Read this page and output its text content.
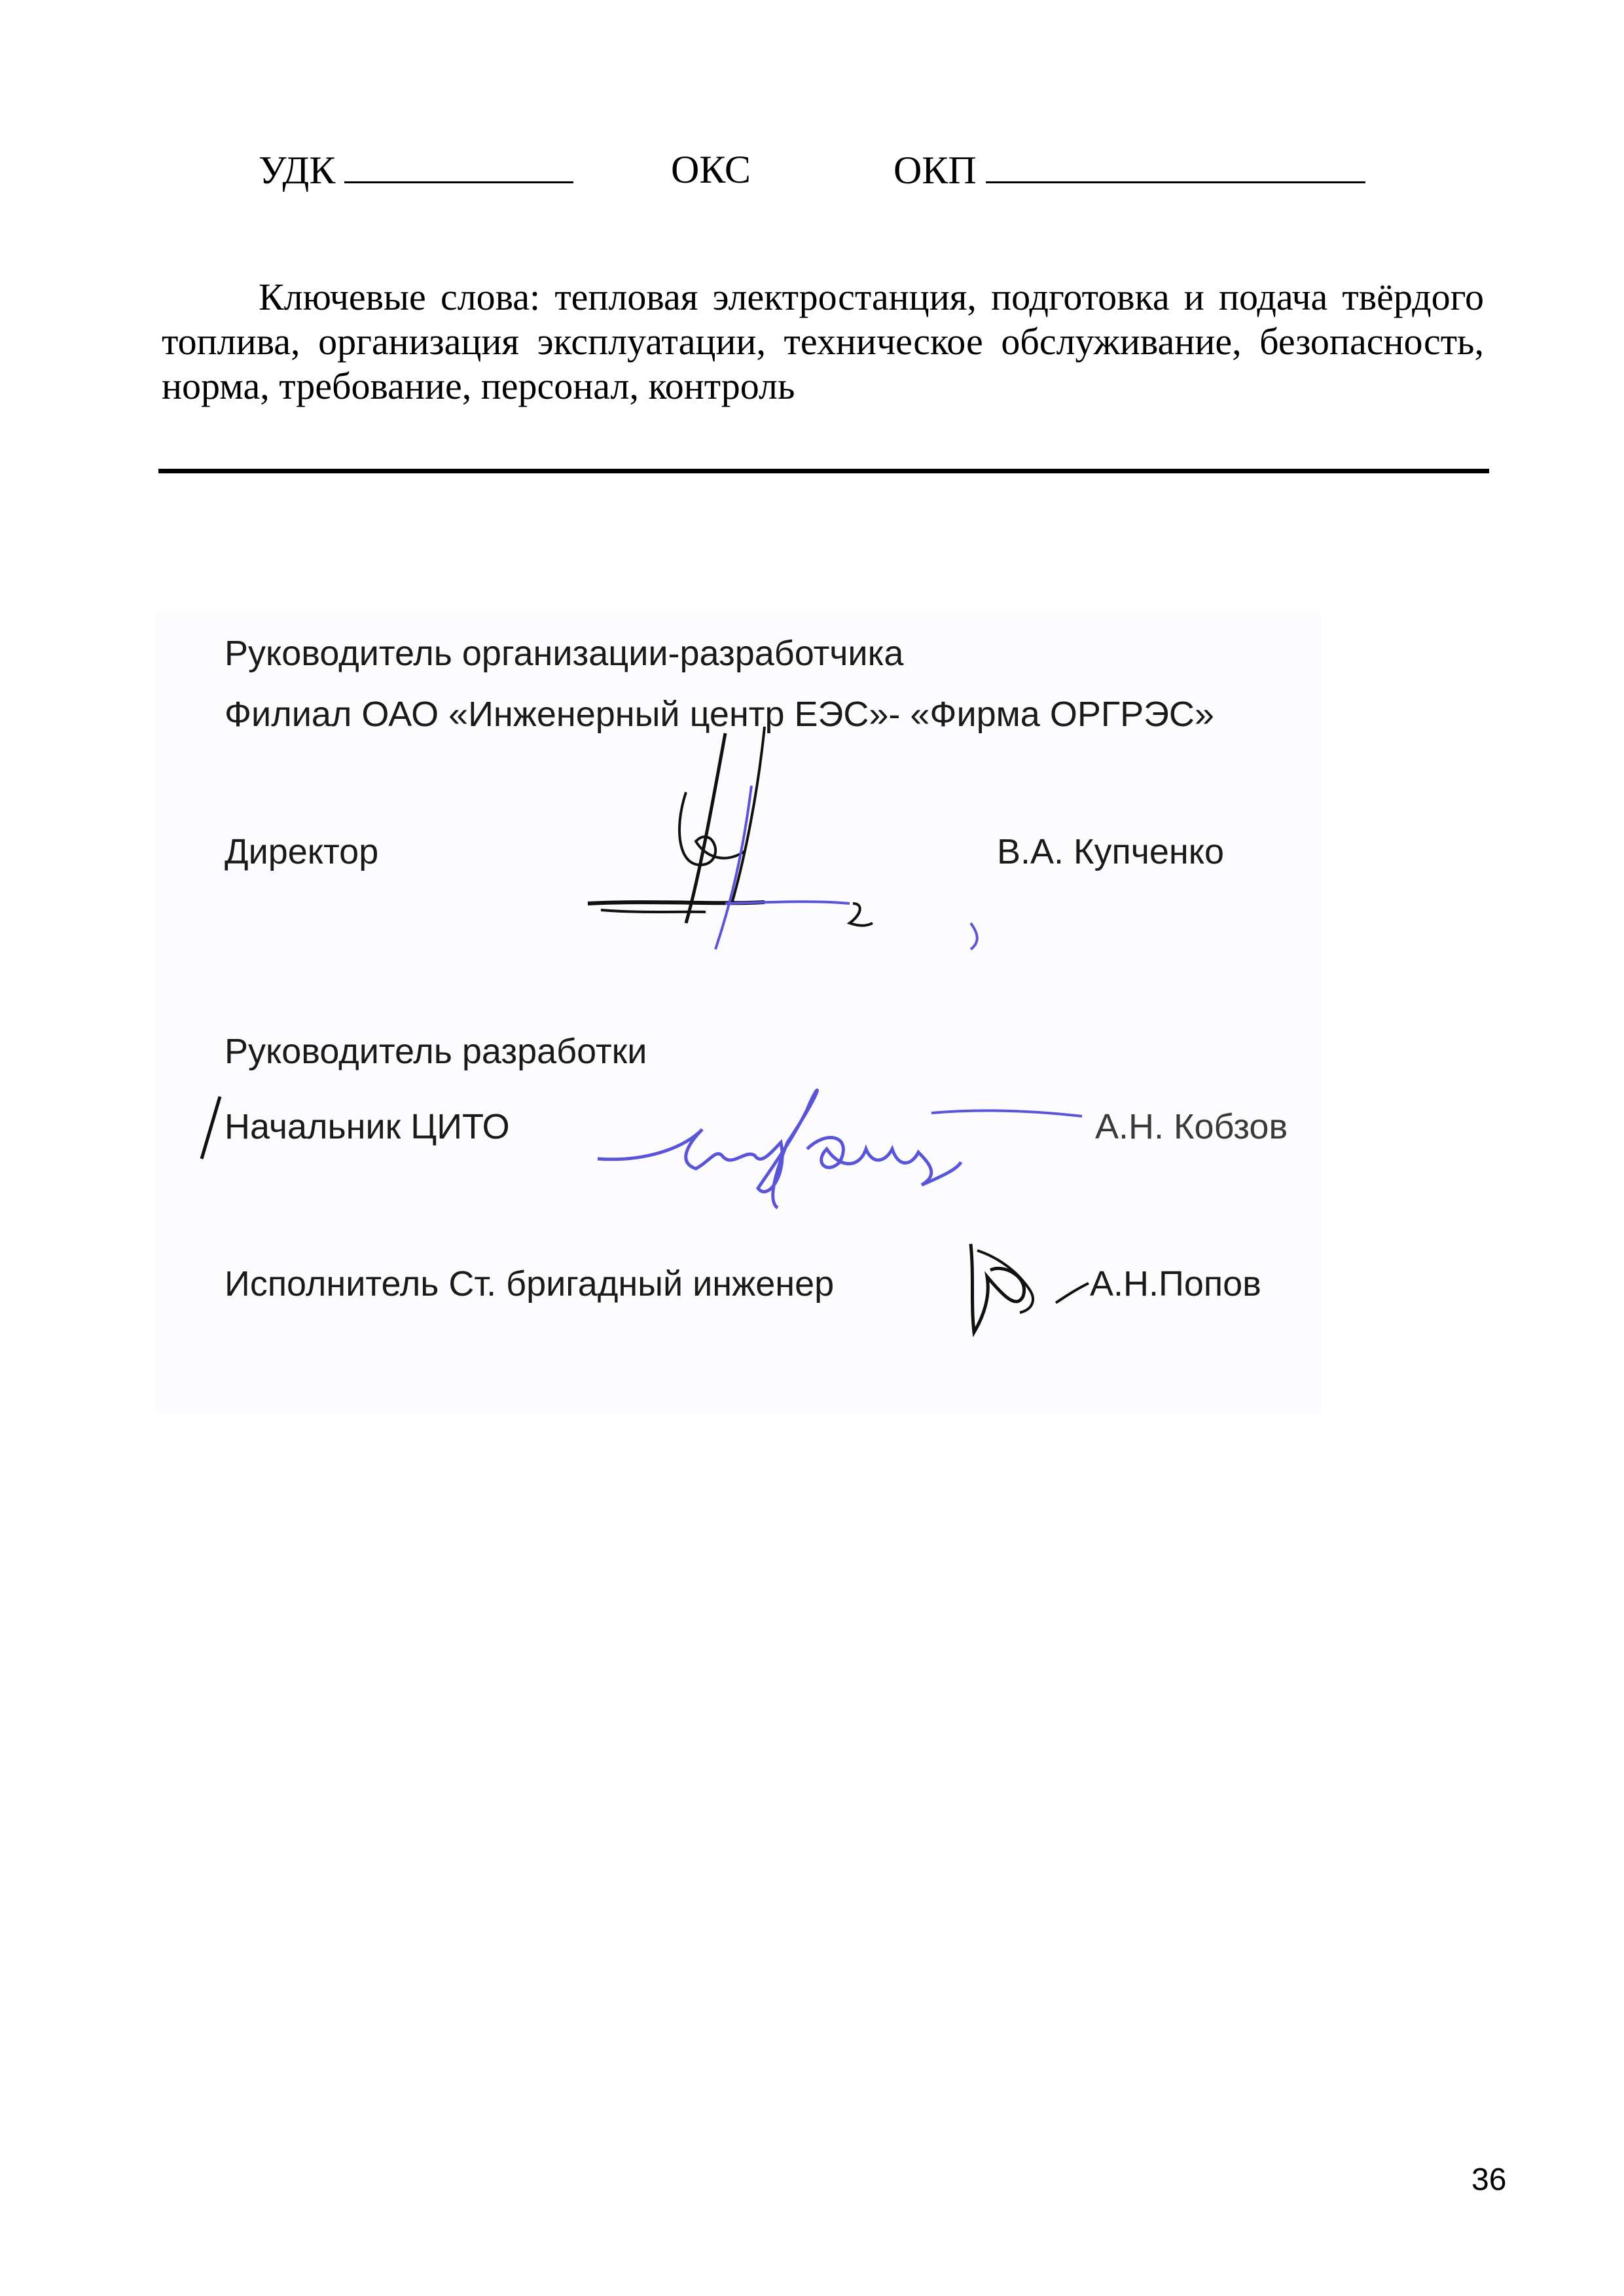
УДК	ОКС	ОКП
Ключевые слова: тепловая электростанция, подготовка и подача твёрдого топлива, организация эксплуатации, техническое обслуживание, безопасность, норма, требование, персонал, контроль
Руководитель организации-разработчика
Филиал ОАО «Инженерный центр ЕЭС»- «Фирма ОРГРЭС»
Директор	В.А. Купченко
Руководитель разработки
Начальник ЦИТО	А.Н. Кобзов
Исполнитель Ст. бригадный инженер	А.Н.Попов
36
